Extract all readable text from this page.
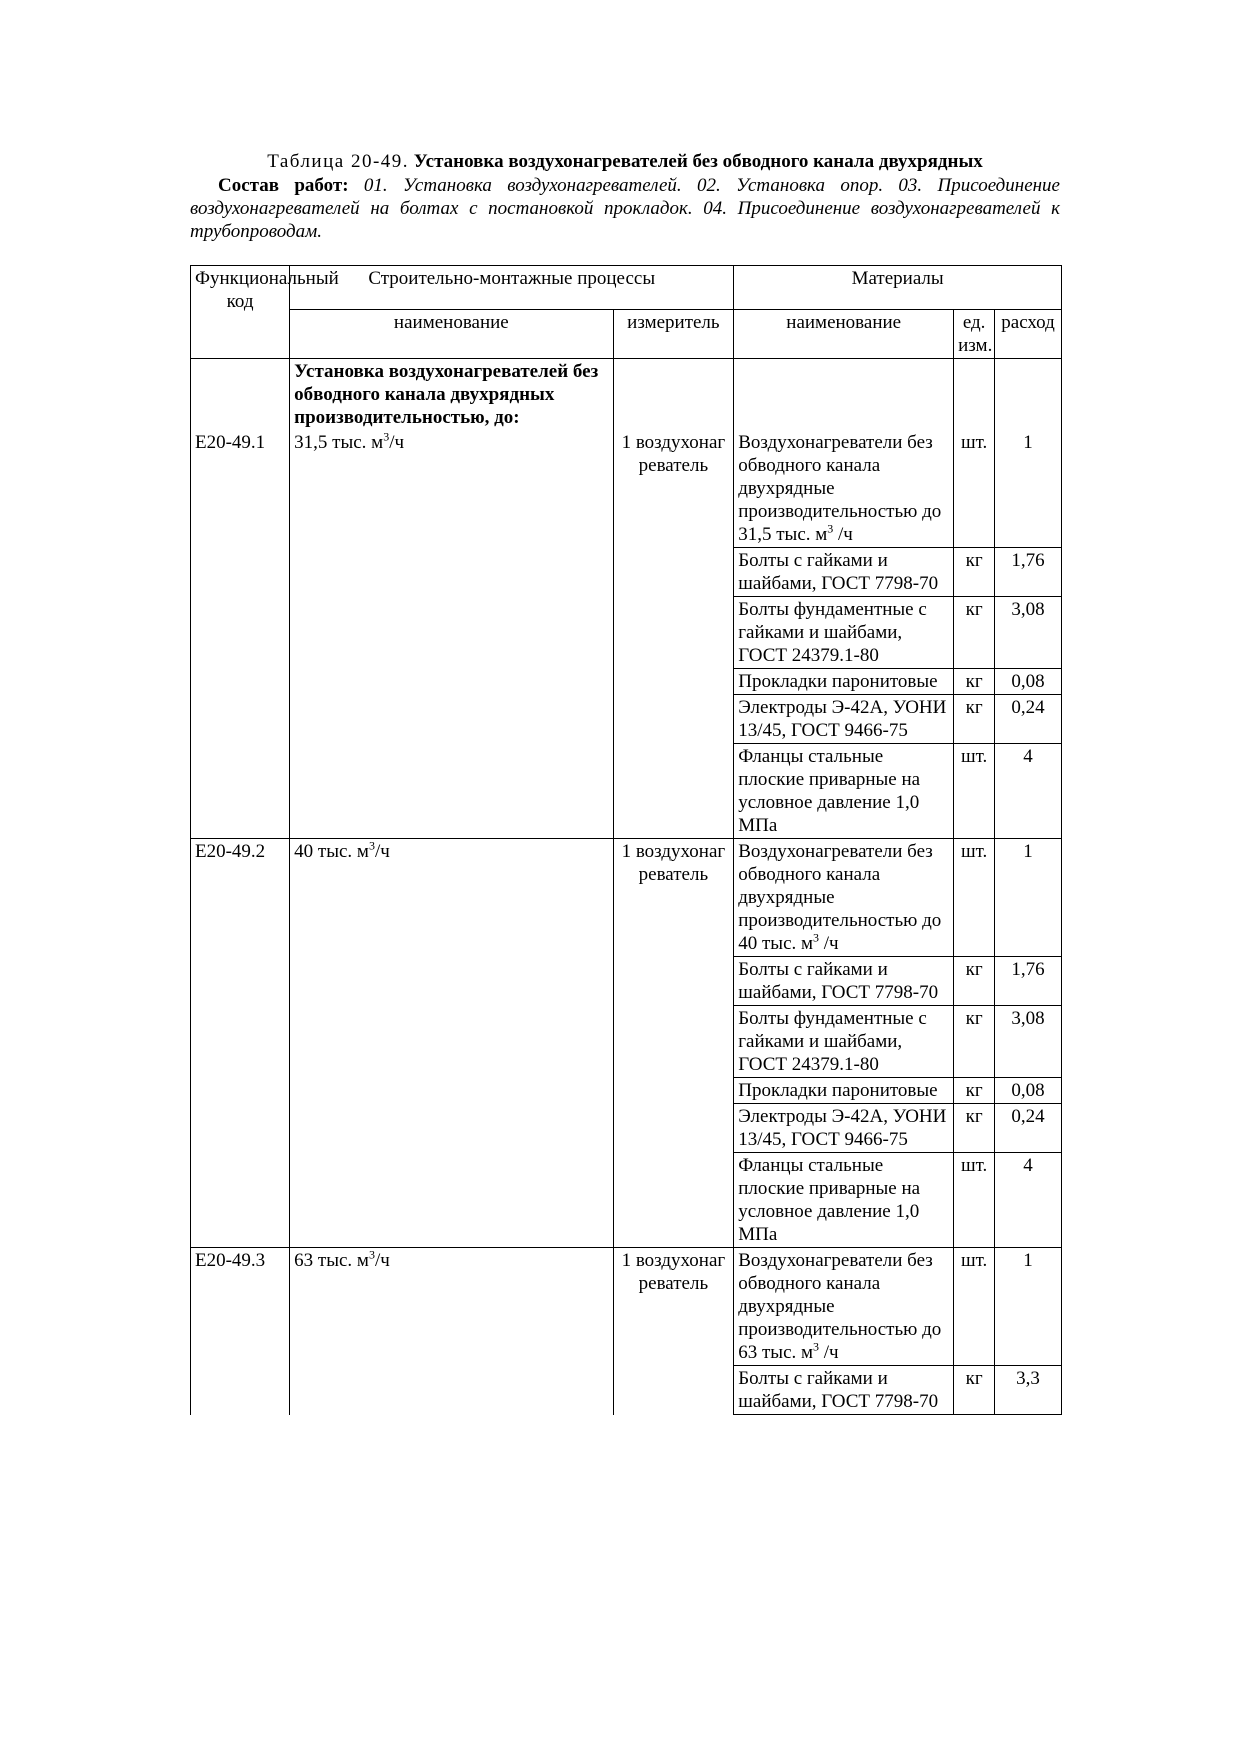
Таблица 20-49. Установка воздухонагревателей без обводного канала двухрядных
Состав работ: 01. Установка воздухонагревателей. 02. Установка опор. 03. Присоединение воздухонагревателей на болтах с постановкой прокладок. 04. Присоединение воздухонагревателей к трубопроводам.
Функциональный код	Строительно-монтажные процессы		Материалы		
	наименование	измеритель	наименование	ед. изм.	расход
	Установка воздухонагревателей без обводного канала двухрядных производительностью, до:				
Е20-49.1	31,5 тыс. $м^3/ч$	1 воздухонагреватель	Воздухонагреватели без обводного канала двухрядные производительностью до 31,5 тыс. $м^3$ /ч	шт.	1
			Болты с гайками и шайбами, ГОСТ 7798-70	кг	1,76
			Болты фундаментные с гайками и шайбами, ГОСТ 24379.1-80	кг	3,08
			Прокладки паронитовые	кг	0,08
			Электроды Э-42А, УОНИ 13/45, ГОСТ 9466-75	кг	0,24
			Фланцы стальные плоские приварные на условное давление 1,0 МПа	шт.	4
Е20-49.2	40 тыс. $м^3/ч$	1 воздухонагреватель	Воздухонагреватели без обводного канала двухрядные производительностью до   40 тыс. $м^3$ /ч	шт.	1
			Болты с гайками и шайбами, ГОСТ 7798-70	кг	1,76
			Болты фундаментные с гайками и шайбами, ГОСТ 24379.1-80	кг	3,08
			Прокладки паронитовые	кг	0,08
			Электроды Э-42А, УОНИ 13/45, ГОСТ 9466-75	кг	0,24
			Фланцы стальные плоские приварные на условное давление 1,0 МПа	шт.	4
Е20-49.3	63 тыс. $м^3/ч$	1 воздухонагреватель	Воздухонагреватели без обводного канала двухрядные производительностью до   63 тыс. $м^3$ /ч	шт.	1
			Болты с гайками и шайбами, ГОСТ 7798-70	кг	3,3
